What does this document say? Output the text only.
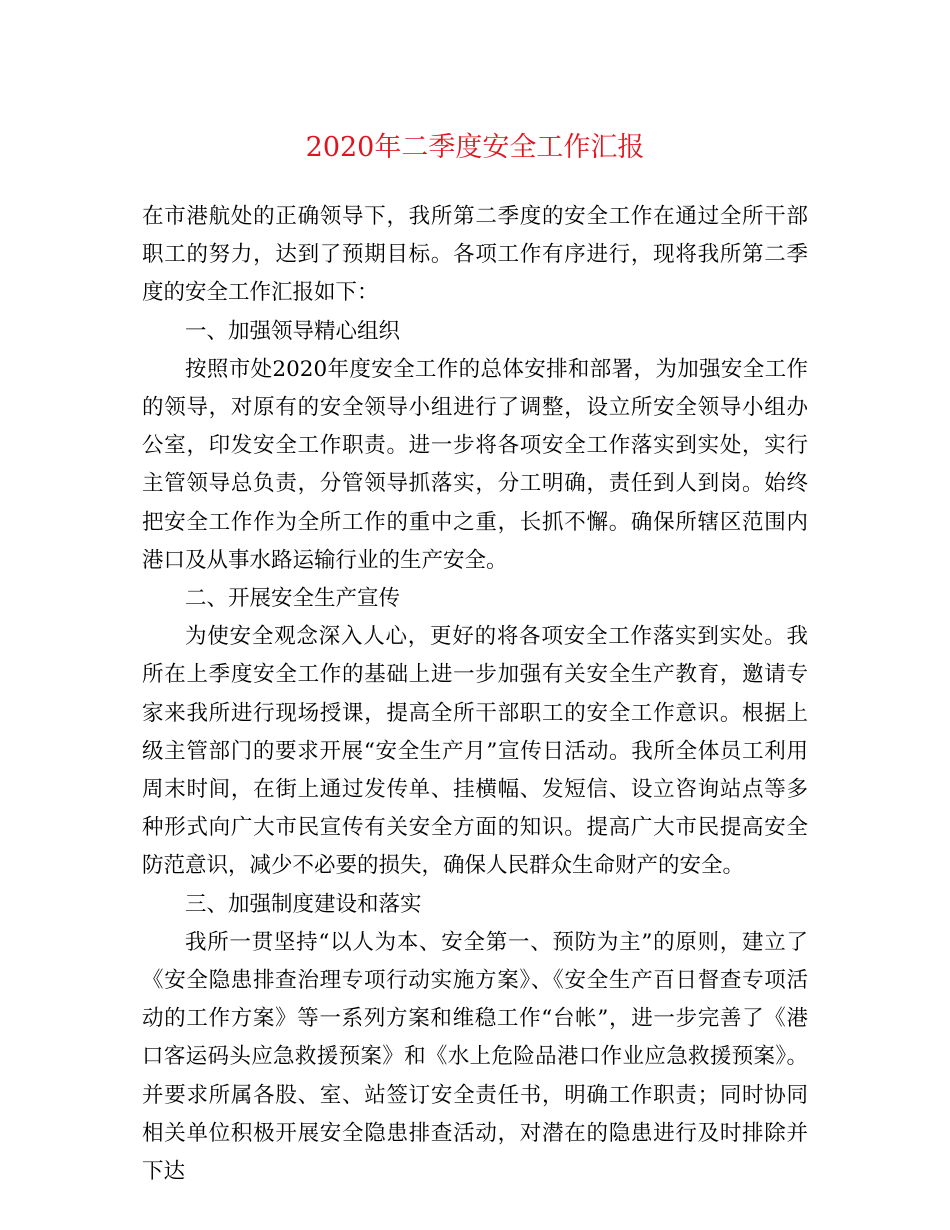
2020年二季度安全工作汇报

在市港航处的正确领导下，我所第二季度的安全工作在通过全所干部职工的努力，达到了预期目标。各项工作有序进行，现将我所第二季度的安全工作汇报如下：

一、加强领导精心组织

按照市处2020年度安全工作的总体安排和部署，为加强安全工作的领导，对原有的安全领导小组进行了调整，设立所安全领导小组办公室，印发安全工作职责。进一步将各项安全工作落实到实处，实行主管领导总负责，分管领导抓落实，分工明确，责任到人到岗。始终把安全工作作为全所工作的重中之重，长抓不懈。确保所辖区范围内港口及从事水路运输行业的生产安全。

二、开展安全生产宣传

为使安全观念深入人心，更好的将各项安全工作落实到实处。我所在上季度安全工作的基础上进一步加强有关安全生产教育，邀请专家来我所进行现场授课，提高全所干部职工的安全工作意识。根据上级主管部门的要求开展“安全生产月”宣传日活动。我所全体员工利用周末时间，在街上通过发传单、挂横幅、发短信、设立咨询站点等多种形式向广大市民宣传有关安全方面的知识。提高广大市民提高安全防范意识，减少不必要的损失，确保人民群众生命财产的安全。

三、加强制度建设和落实

我所一贯坚持“以人为本、安全第一、预防为主”的原则，建立了《安全隐患排查治理专项行动实施方案》、《安全生产百日督查专项活动的工作方案》等一系列方案和维稳工作“台帐”，进一步完善了《港口客运码头应急救援预案》和《水上危险品港口作业应急救援预案》。并要求所属各股、室、站签订安全责任书，明确工作职责；同时协同相关单位积极开展安全隐患排查活动，对潜在的隐患进行及时排除并下达
